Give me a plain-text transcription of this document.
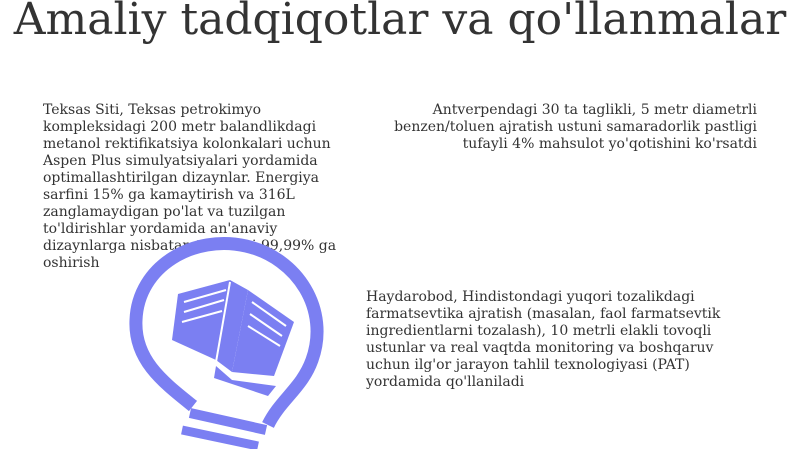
Amaliy tadqiqotlar va qo'llanmalar
Teksas Siti, Teksas petrokimyo kompleksidagi 200 metr balandlikdagi metanol rektifikatsiya kolonkalari uchun Aspen Plus simulyatsiyalari yordamida optimallashtirilgan dizaynlar. Energiya sarfini 15% ga kamaytirish va 316L zanglamaydigan po'lat va tuzilgan to'ldirishlar yordamida an'anaviy dizaynlarga nisbatan tozalikni 99,99% ga oshirish
Antverpendagi 30 ta taglikli, 5 metr diametrli benzen/toluen ajratish ustuni samaradorlik pastligi tufayli 4% mahsulot yo'qotishini ko'rsatdi
Haydarobod, Hindistondagi yuqori tozalikdagi farmatsevtika ajratish (masalan, faol farmatsevtik ingredientlarni tozalash), 10 metrli elakli tovoqli ustunlar va real vaqtda monitoring va boshqaruv uchun ilg'or jarayon tahlil texnologiyasi (PAT) yordamida qo'llaniladi
